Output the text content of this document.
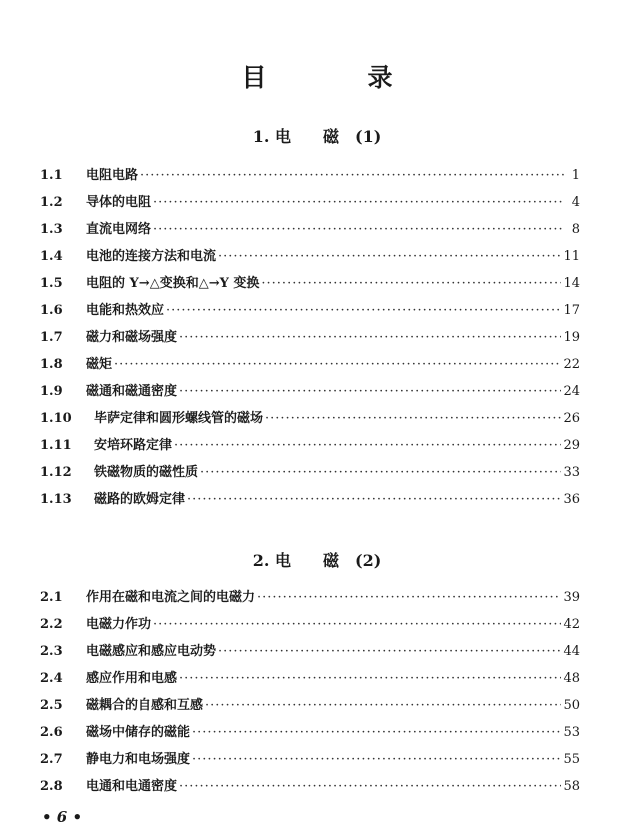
目　录
1. 电　　磁　(1)
1.1	电阻电路 ·····	1
1.2	导体的电阻 ·····	4
1.3	直流电网络 ·····	8
1.4	电池的连接方法和电流 ·····	11
1.5	电阻的 Y→△变换和△→Y 变换 ·····	14
1.6	电能和热效应 ·····	17
1.7	磁力和磁场强度 ·····	19
1.8	磁矩 ·····	22
1.9	磁通和磁通密度 ·····	24
1.10	毕萨定律和圆形螺线管的磁场 ·····	26
1.11	安培环路定律 ·····	29
1.12	铁磁物质的磁性质 ·····	33
1.13	磁路的欧姆定律 ·····	36
2. 电　　磁　(2)
2.1	作用在磁和电流之间的电磁力 ·····	39
2.2	电磁力作功 ·····	42
2.3	电磁感应和感应电动势 ·····	44
2.4	感应作用和电感 ·····	48
2.5	磁耦合的自感和互感 ·····	50
2.6	磁场中储存的磁能 ·····	53
2.7	静电力和电场强度 ·····	55
2.8	电通和电通密度 ·····	58
• 6 •
